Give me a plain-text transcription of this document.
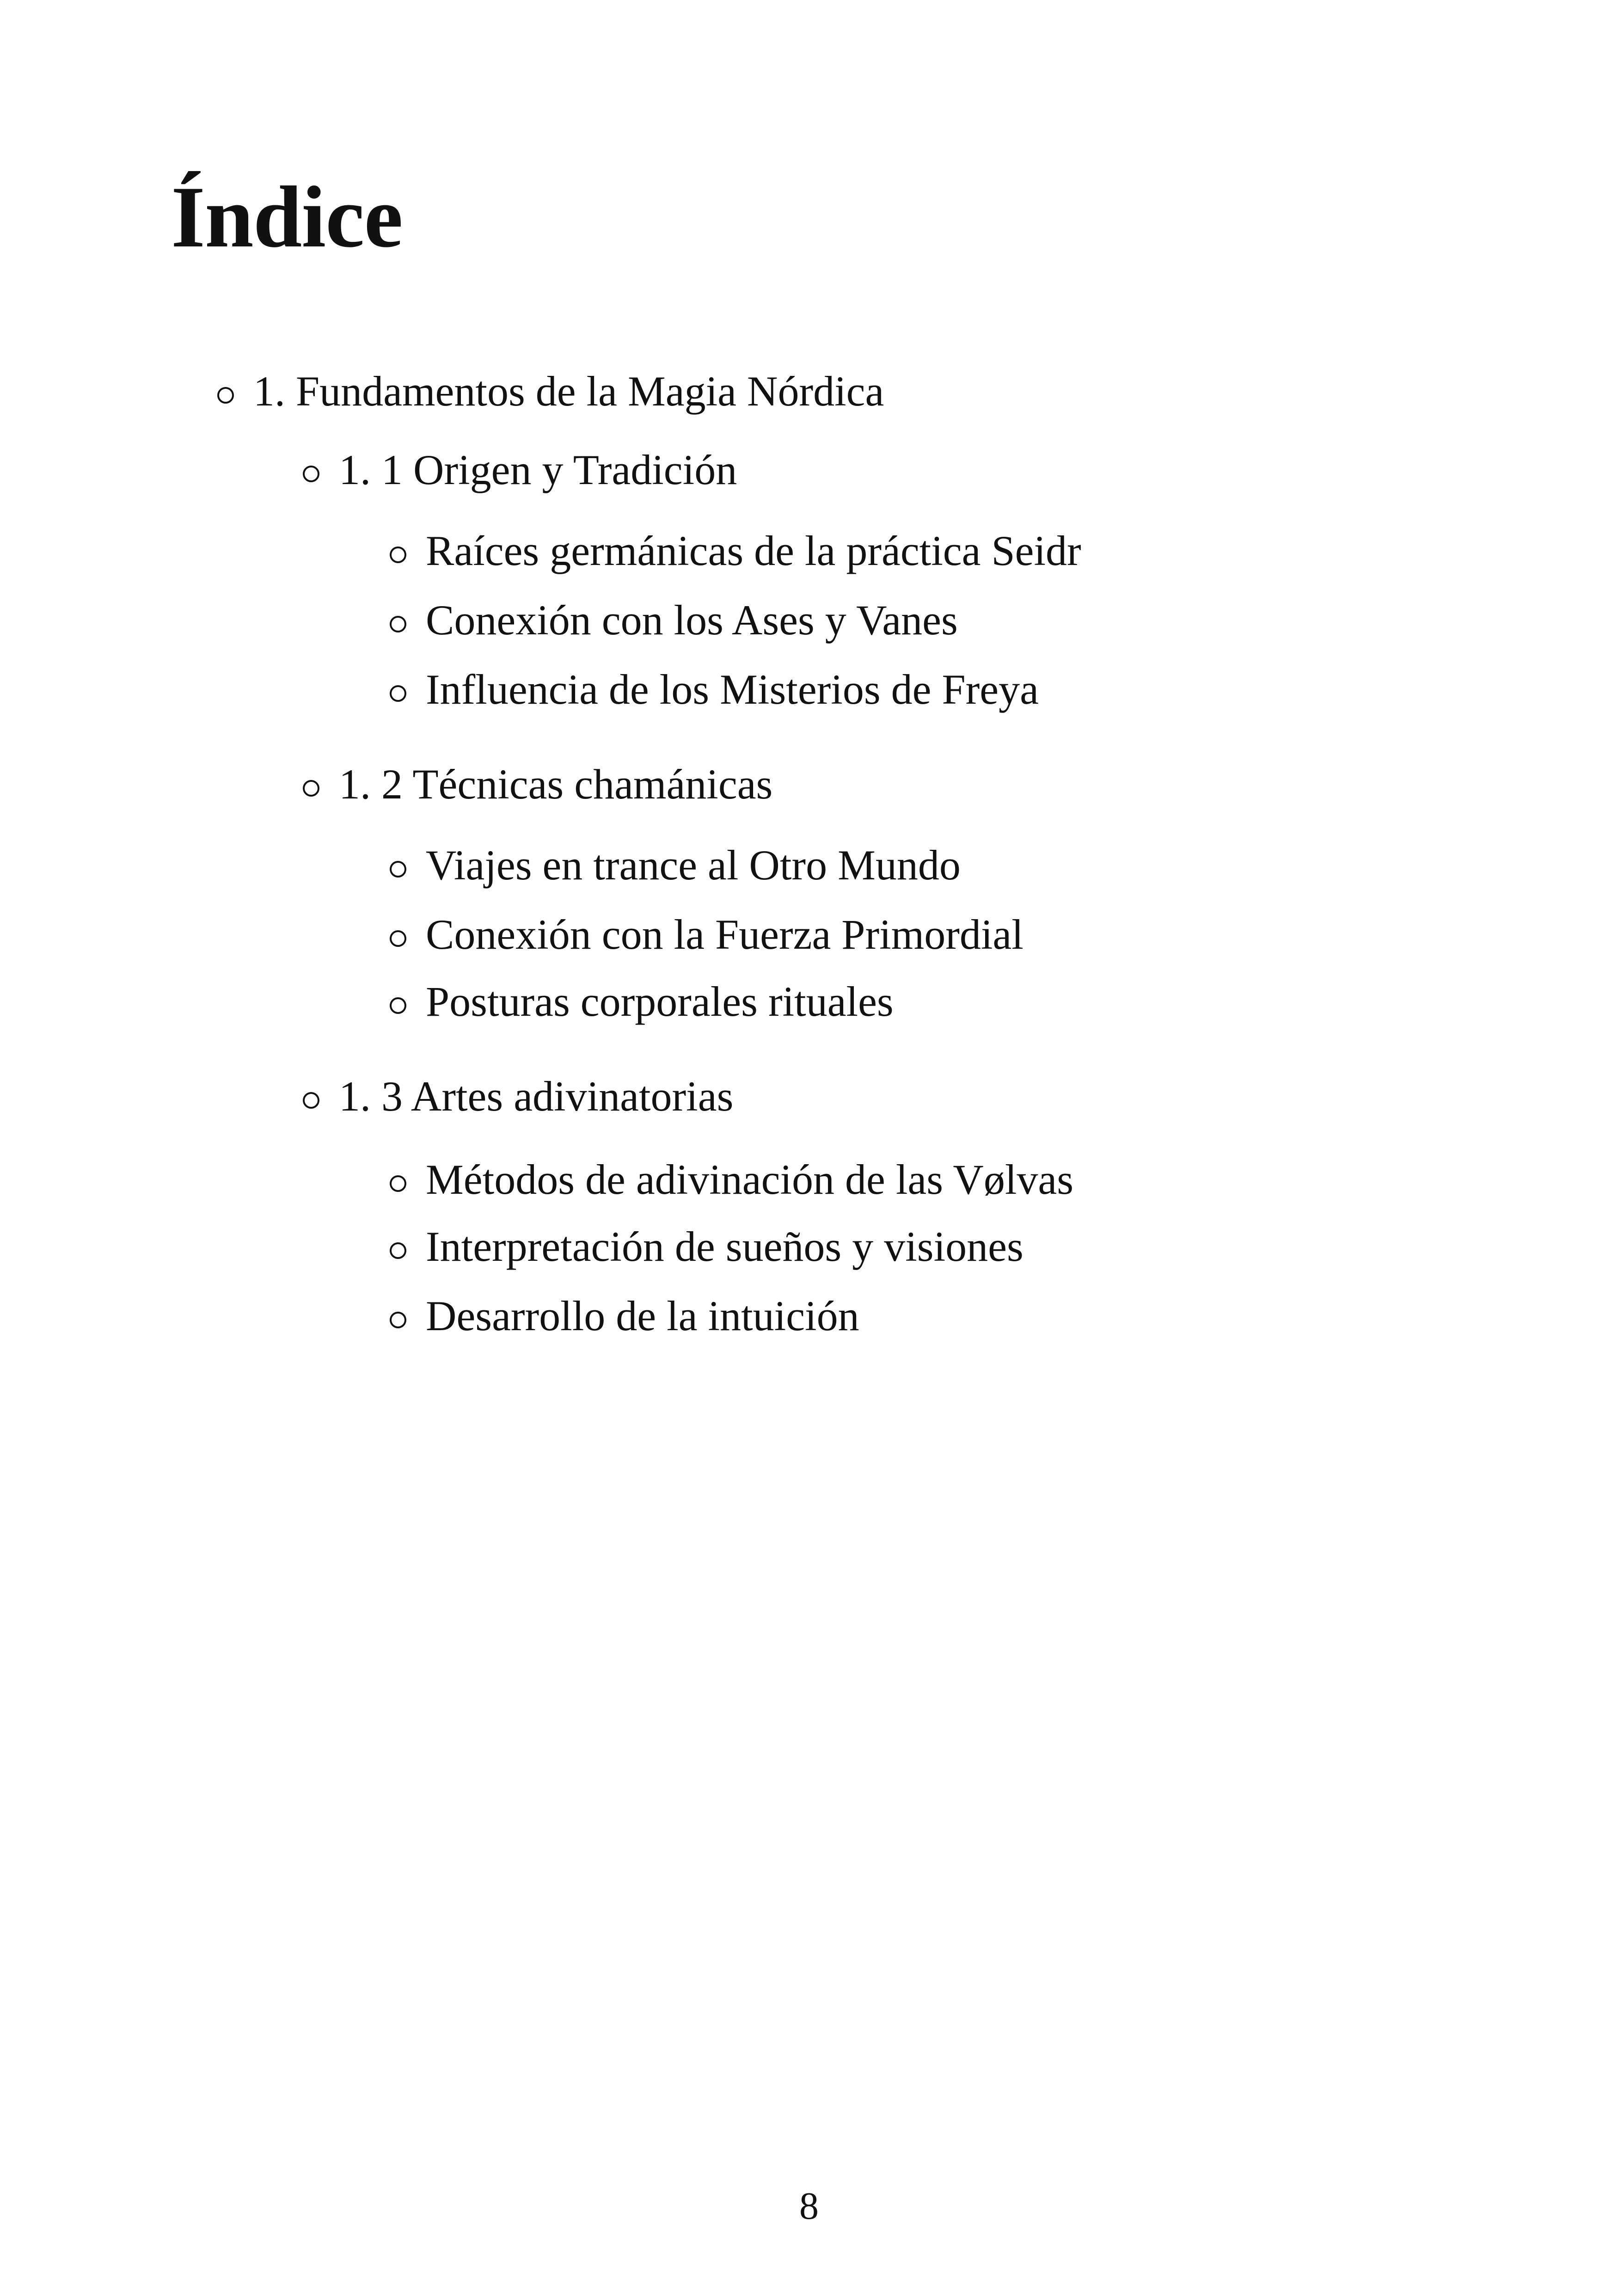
Índice
1. Fundamentos de la Magia Nórdica
1. 1 Origen y Tradición
Raíces germánicas de la práctica Seidr
Conexión con los Ases y Vanes
Influencia de los Misterios de Freya
1. 2 Técnicas chamánicas
Viajes en trance al Otro Mundo
Conexión con la Fuerza Primordial
Posturas corporales rituales
1. 3 Artes adivinatorias
Métodos de adivinación de las Vølvas
Interpretación de sueños y visiones
Desarrollo de la intuición
8
